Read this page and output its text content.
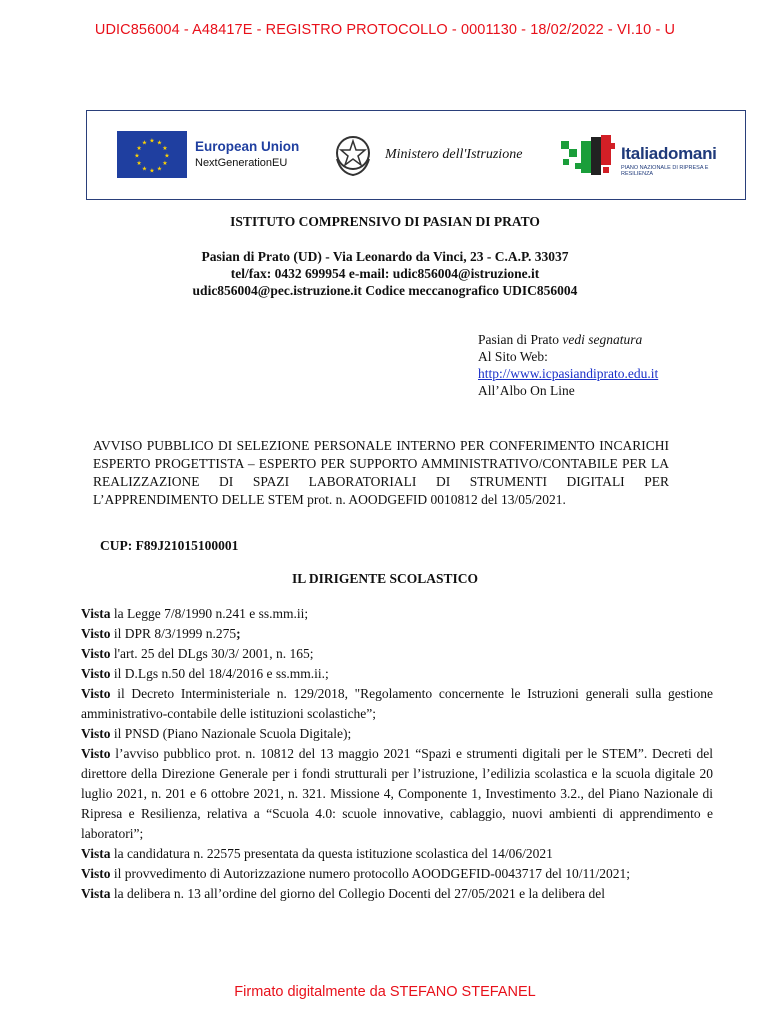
UDIC856004 - A48417E - REGISTRO PROTOCOLLO - 0001130 - 18/02/2022 - VI.10 - U
★
★
★
★
★
★
★
★
★ ★ ★
★ European Union
NextGenerationEU
Ministero dell'Istruzione	Italiadomani
PIANO NAZIONALE DI RIPRESA E RESILIENZA
ISTITUTO COMPRENSIVO DI PASIAN DI PRATO
Pasian di Prato (UD) - Via Leonardo da Vinci, 23 - C.A.P. 33037
tel/fax: 0432 699954 e-mail: udic856004@istruzione.it
udic856004@pec.istruzione.it Codice meccanografico UDIC856004
Pasian di Prato vedi segnatura
Al Sito Web:
http://www.icpasiandiprato.edu.it
All’Albo On Line
AVVISO PUBBLICO DI SELEZIONE PERSONALE INTERNO PER CONFERIMENTO INCARICHI ESPERTO PROGETTISTA – ESPERTO PER SUPPORTO AMMINISTRATIVO/CONTABILE PER LA REALIZZAZIONE DI SPAZI LABORATORIALI DI STRUMENTI DIGITALI PER L’APPRENDIMENTO DELLE STEM prot. n. AOODGEFID 0010812 del 13/05/2021.
CUP: F89J21015100001
IL DIRIGENTE SCOLASTICO

Vista la Legge 7/8/1990 n.241 e ss.mm.ii;

Visto il DPR 8/3/1999 n.275;

Visto l'art. 25 del DLgs 30/3/ 2001, n. 165;

Visto il D.Lgs n.50 del 18/4/2016 e ss.mm.ii.;

Visto il Decreto Interministeriale n. 129/2018, "Regolamento concernente le Istruzioni generali sulla gestione amministrativo-contabile delle istituzioni scolastiche”;

Visto il PNSD (Piano Nazionale Scuola Digitale);

Visto l’avviso pubblico prot. n. 10812 del 13 maggio 2021 “Spazi e strumenti digitali per le STEM”. Decreti del direttore della Direzione Generale per i fondi strutturali per l’istruzione, l’edilizia scolastica e la scuola digitale 20 luglio 2021, n. 201 e 6 ottobre 2021, n. 321. Missione 4, Componente 1, Investimento 3.2., del Piano Nazionale di Ripresa e Resilienza, relativa a “Scuola 4.0: scuole innovative, cablaggio, nuovi ambienti di apprendimento e laboratori”;

Vista la candidatura n. 22575 presentata da questa istituzione scolastica del 14/06/2021

Visto il provvedimento di Autorizzazione numero protocollo AOODGEFID-0043717 del 10/11/2021;

Vista la delibera n. 13 all’ordine del giorno del Collegio Docenti del 27/05/2021 e la delibera del

Firmato digitalmente da STEFANO STEFANEL
